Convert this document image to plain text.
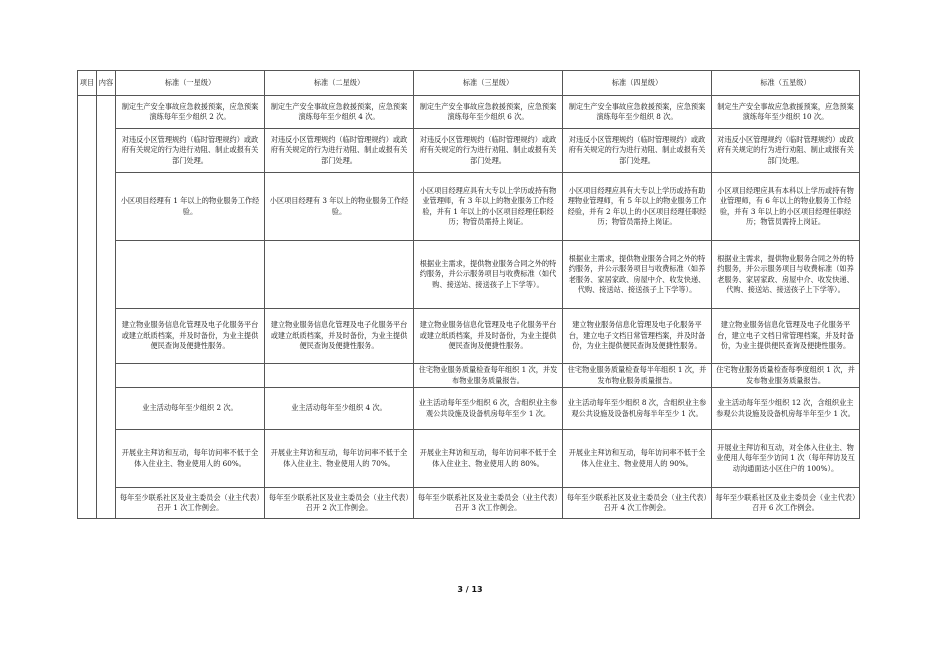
项目	内容	标准（一星级）	标准（二星级）	标准（三星级）	标准（四星级）	标准（五星级）
		制定生产安全事故应急救援预案，应急预案演练每年至少组织 2 次。	制定生产安全事故应急救援预案，应急预案演练每年至少组织 4 次。	制定生产安全事故应急救援预案，应急预案演练每年至少组织 6 次。	制定生产安全事故应急救援预案，应急预案演练每年至少组织 8 次。	制定生产安全事故应急救援预案，应急预案演练每年至少组织 10 次。
		对违反小区管理规约（临时管理规约）或政府有关规定的行为进行劝阻、制止或报有关部门处理。	对违反小区管理规约（临时管理规约）或政府有关规定的行为进行劝阻、制止或报有关部门处理。	对违反小区管理规约（临时管理规约）或政府有关规定的行为进行劝阻、制止或报有关部门处理。	对违反小区管理规约（临时管理规约）或政府有关规定的行为进行劝阻、制止或报有关部门处理。	对违反小区管理规约（临时管理规约）或政府有关规定的行为进行劝阻、制止或报有关部门处理。
		小区项目经理有 1 年以上的物业服务工作经验。	小区项目经理有 3 年以上的物业服务工作经验。	小区项目经理应具有大专以上学历或持有物业管理师，有 3 年以上的物业服务工作经验，并有 1 年以上的小区项目经理任职经历；物管员需持上岗证。	小区项目经理应具有大专以上学历或持有助理物业管理师，有 5 年以上的物业服务工作经验，并有 2 年以上的小区项目经理任职经历；物管员需持上岗证。	小区项目经理应具有本科以上学历或持有物业管理师，有 6 年以上的物业服务工作经验，并有 3 年以上的小区项目经理任职经历；物管员需持上岗证。
				根据业主需求，提供物业服务合同之外的特约服务，并公示服务项目与收费标准（如代购、接送站、接送孩子上下学等）。	根据业主需求，提供物业服务合同之外的特约服务，并公示服务项目与收费标准（如养老服务、家居家政、房屋中介、收发快递、代购、接送站、接送孩子上下学等）。	根据业主需求，提供物业服务合同之外的特约服务，并公示服务项目与收费标准（如养老服务、家居家政、房屋中介、收发快递、代购、接送站、接送孩子上下学等）。
		建立物业服务信息化管理及电子化服务平台或建立纸质档案，并及时备份，为业主提供便民查询及便捷性服务。	建立物业服务信息化管理及电子化服务平台或建立纸质档案，并及时备份，为业主提供便民查询及便捷性服务。	建立物业服务信息化管理及电子化服务平台或建立纸质档案，并及时备份，为业主提供便民查询及便捷性服务。	建立物业服务信息化管理及电子化服务平台，建立电子文档日常管理档案，并及时备份，为业主提供便民查询及便捷性服务。	建立物业服务信息化管理及电子化服务平台，建立电子文档日常管理档案，并及时备份，为业主提供便民查询及便捷性服务。
				住宅物业服务质量检查每年组织 1 次，并发布物业服务质量报告。	住宅物业服务质量检查每半年组织 1 次，并发布物业服务质量报告。	住宅物业服务质量检查每季度组织 1 次，并发布物业服务质量报告。
		业主活动每年至少组织 2 次。	业主活动每年至少组织 4 次。	业主活动每年至少组织 6 次，含组织业主参观公共设施及设备机房每年至少 1 次。	业主活动每年至少组织 8 次，含组织业主参观公共设施及设备机房每半年至少 1 次。	业主活动每年至少组织 12 次，含组织业主参观公共设施及设备机房每半年至少 1 次。
		开展业主拜访和互动，每年访问率不低于全体入住业主、物业使用人的 60%。	开展业主拜访和互动，每年访问率不低于全体入住业主、物业使用人的 70%。	开展业主拜访和互动，每年访问率不低于全体入住业主、物业使用人的 80%。	开展业主拜访和互动，每年访问率不低于全体入住业主、物业使用人的 90%。	开展业主拜访和互动，对全体入住业主、物业使用人每年至少访问 1 次（每年拜访及互动沟通面达小区住户的 100%）。
		每年至少联系社区及业主委员会（业主代表）召开 1 次工作例会。	每年至少联系社区及业主委员会（业主代表）召开 2 次工作例会。	每年至少联系社区及业主委员会（业主代表）召开 3 次工作例会。	每年至少联系社区及业主委员会（业主代表）召开 4 次工作例会。	每年至少联系社区及业主委员会（业主代表）召开 6 次工作例会。
3 / 13
